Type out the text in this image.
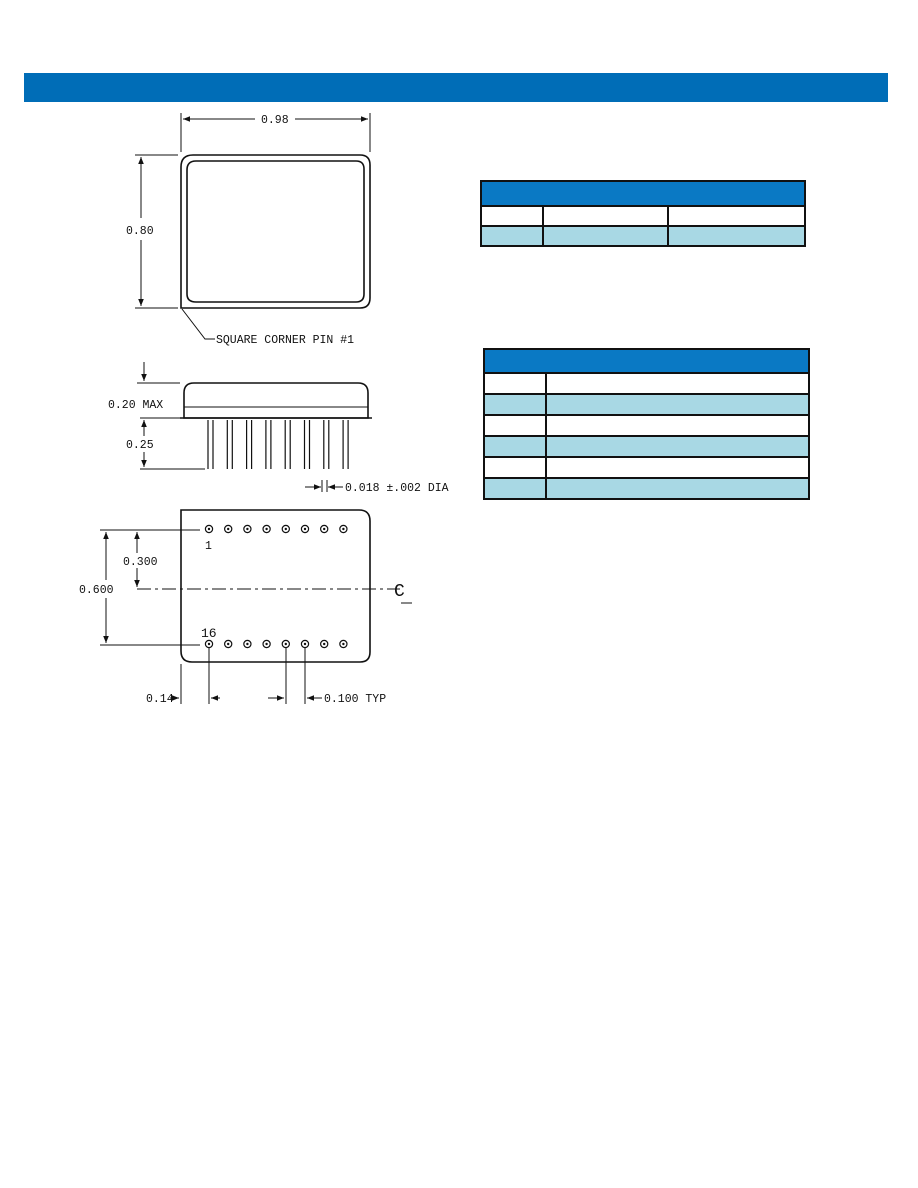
0.98
0.80
SQUARE CORNER PIN #1
0.20 MAX
0.25
0.018 ±.002 DIA
1
16
C
0.300
0.600
0.14	0.100 TYP
